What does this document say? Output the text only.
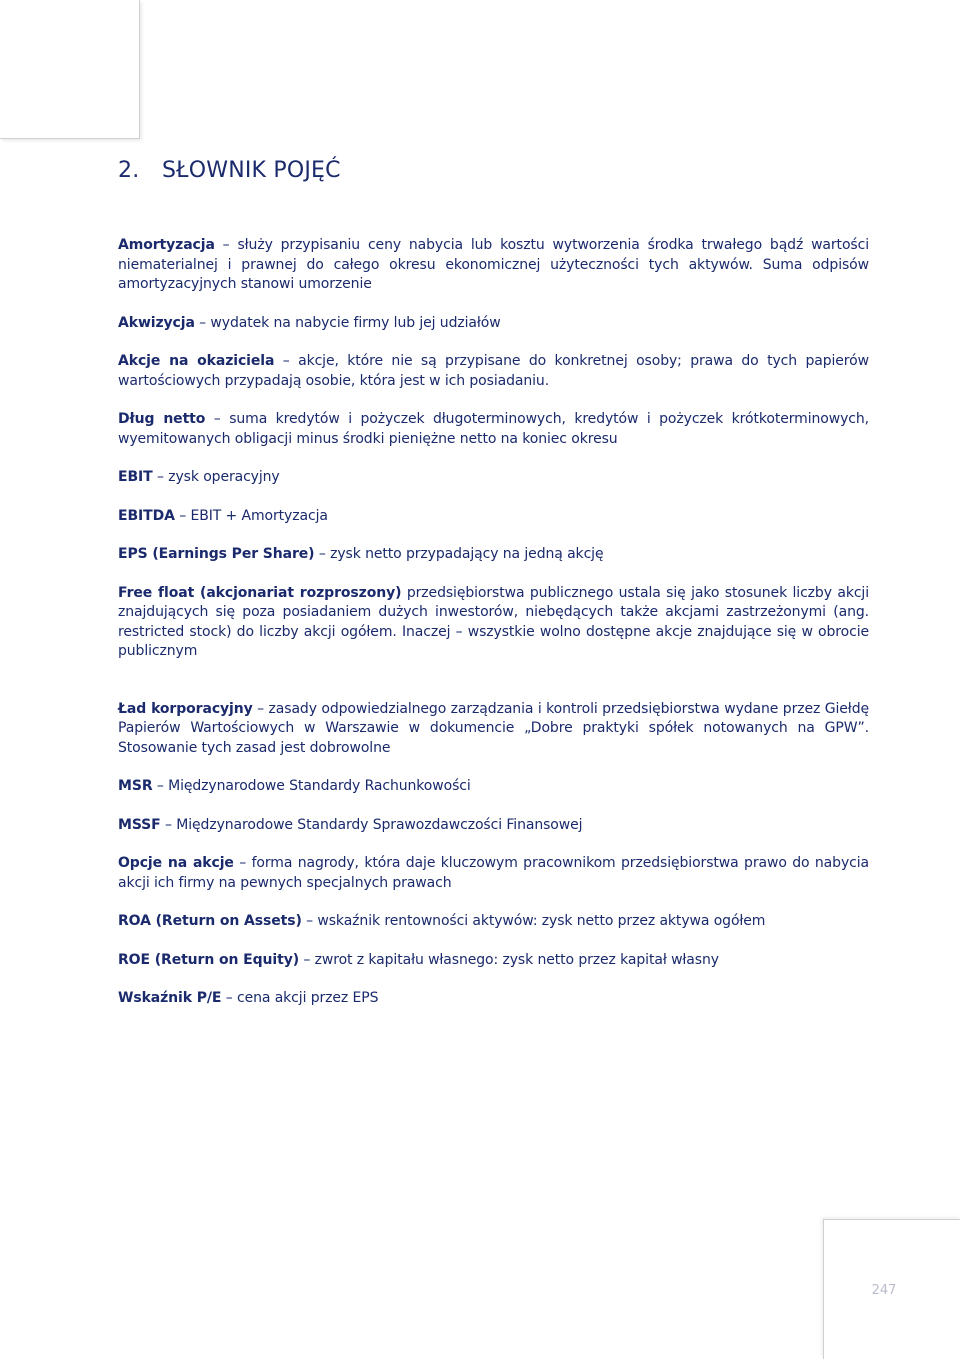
2. SŁOWNIK POJĘĆ

Amortyzacja – służy przypisaniu ceny nabycia lub kosztu wytworzenia środka trwałego bądź wartości niematerialnej i prawnej do całego okresu ekonomicznej użyteczności tych aktywów. Suma odpisów amortyzacyjnych stanowi umorzenie

Akwizycja – wydatek na nabycie firmy lub jej udziałów

Akcje na okaziciela – akcje, które nie są przypisane do konkretnej osoby; prawa do tych papierów wartościowych przypadają osobie, która jest w ich posiadaniu.

Dług netto – suma kredytów i pożyczek długoterminowych, kredytów i pożyczek krótkoterminowych, wyemitowanych obligacji minus środki pieniężne netto na koniec okresu

EBIT – zysk operacyjny

EBITDA – EBIT + Amortyzacja

EPS (Earnings Per Share) – zysk netto przypadający na jedną akcję

Free float (akcjonariat rozproszony) przedsiębiorstwa publicznego ustala się jako stosunek liczby akcji znajdujących się poza posiadaniem dużych inwestorów, niebędących także akcjami zastrzeżonymi (ang. restricted stock) do liczby akcji ogółem. Inaczej – wszystkie wolno dostępne akcje znajdujące się w obrocie publicznym

Ład korporacyjny – zasady odpowiedzialnego zarządzania i kontroli przedsiębiorstwa wydane przez Giełdę Papierów Wartościowych w Warszawie w dokumencie „Dobre praktyki spółek notowanych na GPW”. Stosowanie tych zasad jest dobrowolne

MSR – Międzynarodowe Standardy Rachunkowości

MSSF – Międzynarodowe Standardy Sprawozdawczości Finansowej

Opcje na akcje – forma nagrody, która daje kluczowym pracownikom przedsiębiorstwa prawo do nabycia akcji ich firmy na pewnych specjalnych prawach

ROA (Return on Assets) – wskaźnik rentowności aktywów: zysk netto przez aktywa ogółem

ROE (Return on Equity) – zwrot z kapitału własnego: zysk netto przez kapitał własny

Wskaźnik P/E – cena akcji przez EPS

247
